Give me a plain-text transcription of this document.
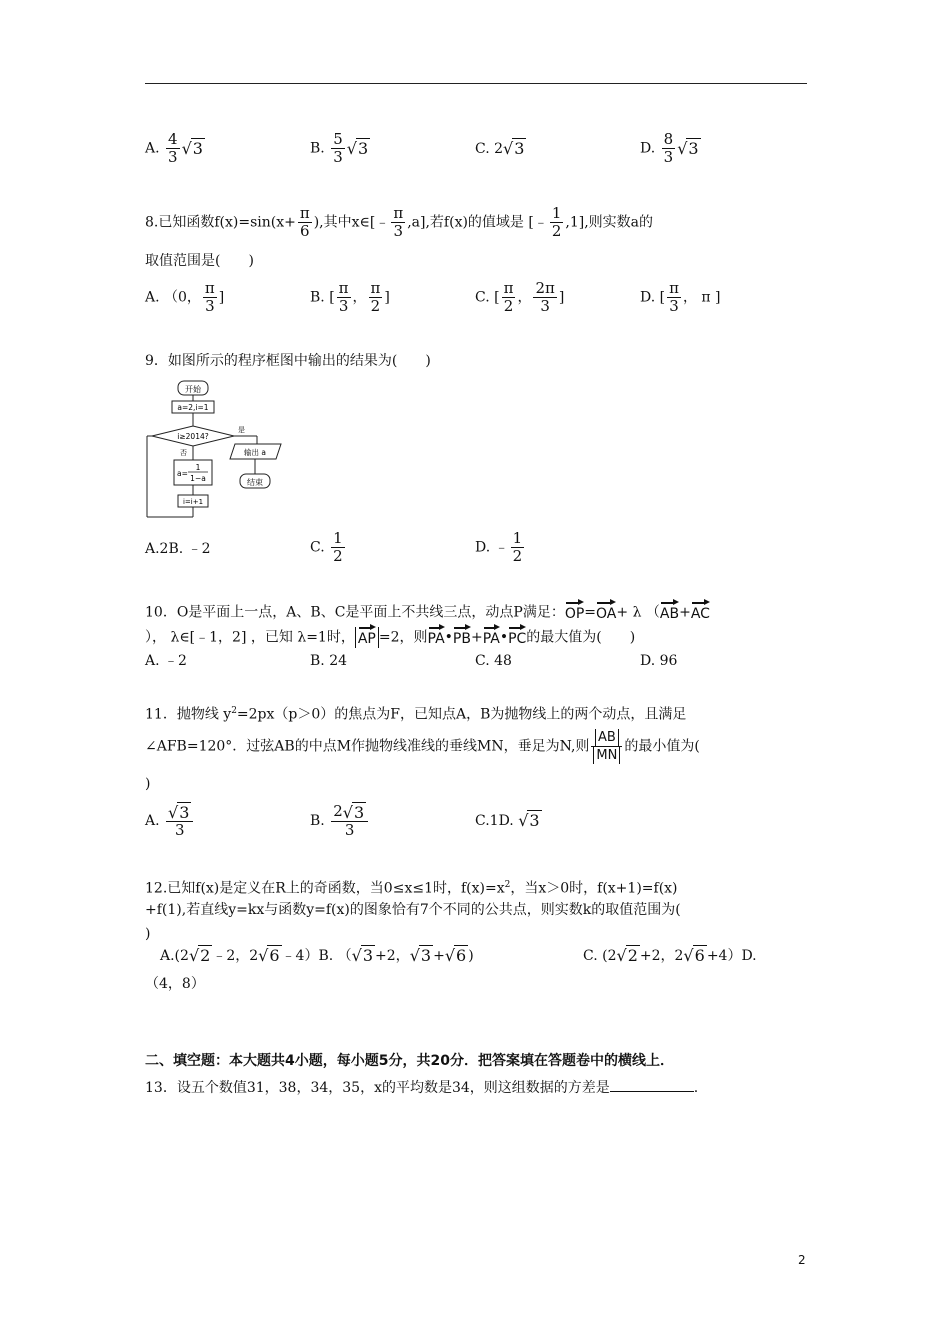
A. $\frac{4}{3} √3$	B. $\frac{5}{3} √3$	C. 2√3	D. $\frac{8}{3} √3$
8.已知函数$f(x)=\sin(x+ \frac{\pi}{6}$ ),其中x∈[﹣ $\frac{\pi}{3} ,a$],若f(x)的值域是 [﹣ $\frac{1}{2} ,1$],则实数a的
取值范围是(　　)
A. （0， $\frac{\pi}{3}$ ]	B. [ $\frac{\pi}{3}$ ， $\frac{\pi}{2}$ ]	C. [ $\frac{\pi}{2}$ ， $\frac{2\pi}{3}$ ]	D. [ $\frac{\pi}{3}$ ， π ]
9．如图所示的程序框图中输出的结果为(　　)
开始
a=2,i=1
i≥2014?
是
否	输出 a
结束
a=
1
1−a
i=i+1
A.2B. ﹣2	C. $\frac{1}{2}$	D. ﹣ $\frac{1}{2}$
10．O是平面上一点，A、B、C是平面上不共线三点，动点P满足：OP=OA+ λ （AB+AC
）， λ∈[﹣1，2] ，已知 λ=1时， AP =2，则PA•PB+PA•PC的最大值为(　　)
A. ﹣2	B. 24	C. 48	D. 96
11．抛物线 $y^2=2px(p>0)$的焦点为F，已知点A，B为抛物线上的两个动点，且满足
∠AFB=120°．过弦AB的中点M作抛物线准线的垂线MN，垂足为N,则 $\frac{AB}{MN}$ 的最小值为(
)
A. $\frac{√3}{3}$	B. $\frac{2√3}{3}$	C.1D. √3
12.已知f(x)是定义在R上的奇函数，当0≤x≤1时，$f(x)=x^2$，当x＞0时，f(x+1)=f(x)
+f(1),若直线y=kx与函数y=f(x)的图象恰有7个不同的公共点，则实数k的取值范围为(
)
A.(2√2 ﹣2，2√6 ﹣4）B. （√3 +2，√3 +√6 )	C. (2√2 +2，2√6 +4）D.
（4，8）
二、填空题：本大题共4小题，每小题5分，共20分．把答案填在答题卷中的横线上．
13．设五个数值31，38，34，35，x的平均数是34，则这组数据的方差是	.
2
